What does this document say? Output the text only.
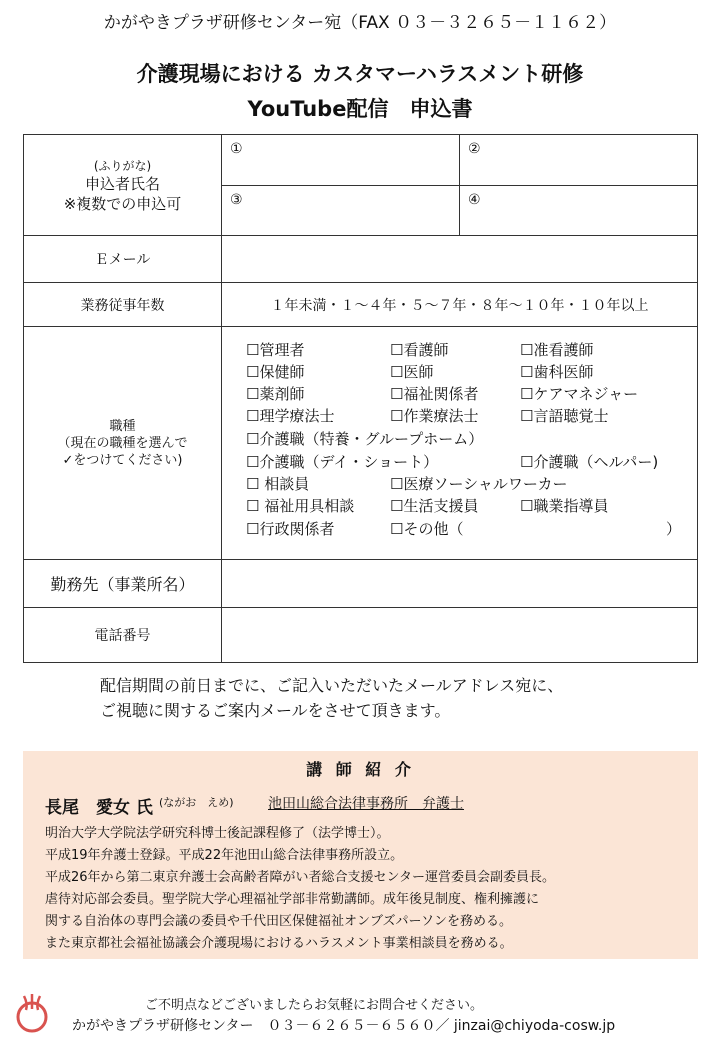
かがやきプラザ研修センター宛（FAX ０３－３２６５－１１６２）
介護現場における カスタマーハラスメント研修
YouTube配信　申込書
(ふりがな)
申込者氏名
※複数での申込可

①	②

③	④

Ｅメール	
業務従事年数	１年未満・１～４年・５～７年・８年～１０年・１０年以上

職種
（現在の職種を選んで
✓をつけてください)

☐管理者	☐看護師	☐准看護師
☐保健師	☐医師	☐歯科医師
☐薬剤師	☐福祉関係者	☐ケアマネジャー
☐理学療法士	☐作業療法士	☐言語聴覚士
☐介護職（特養・グループホーム）
☐介護職（デイ・ショート）	☐介護職（ヘルパー)
☐ 相談員	☐医療ソーシャルワーカー
☐ 福祉用具相談 ☐生活支援員	☐職業指導員
☐行政関係者	☐その他（	）

勤務先（事業所名）	
電話番号	
配信期間の前日までに、ご記入いただいたメールアドレス宛に、
ご視聴に関するご案内メールをさせて頂きます。
講 師 紹 介
長尾　愛女 氏 (ながお　えめ) 池田山総合法律事務所　弁護士
明治大学大学院法学研究科博士後記課程修了（法学博士）。
平成19年弁護士登録。平成22年池田山総合法律事務所設立。
平成26年から第二東京弁護士会高齢者障がい者総合支援センター運営委員会副委員長。
虐待対応部会委員。聖学院大学心理福祉学部非常勤講師。成年後見制度、権利擁護に
関する自治体の専門会議の委員や千代田区保健福祉オンブズパーソンを務める。
また東京都社会福祉協議会介護現場におけるハラスメント事業相談員を務める。
ご不明点などございましたらお気軽にお問合せください。
かがやきプラザ研修センター　０３－６２６５－６５６０／ jinzai@chiyoda-cosw.jp
